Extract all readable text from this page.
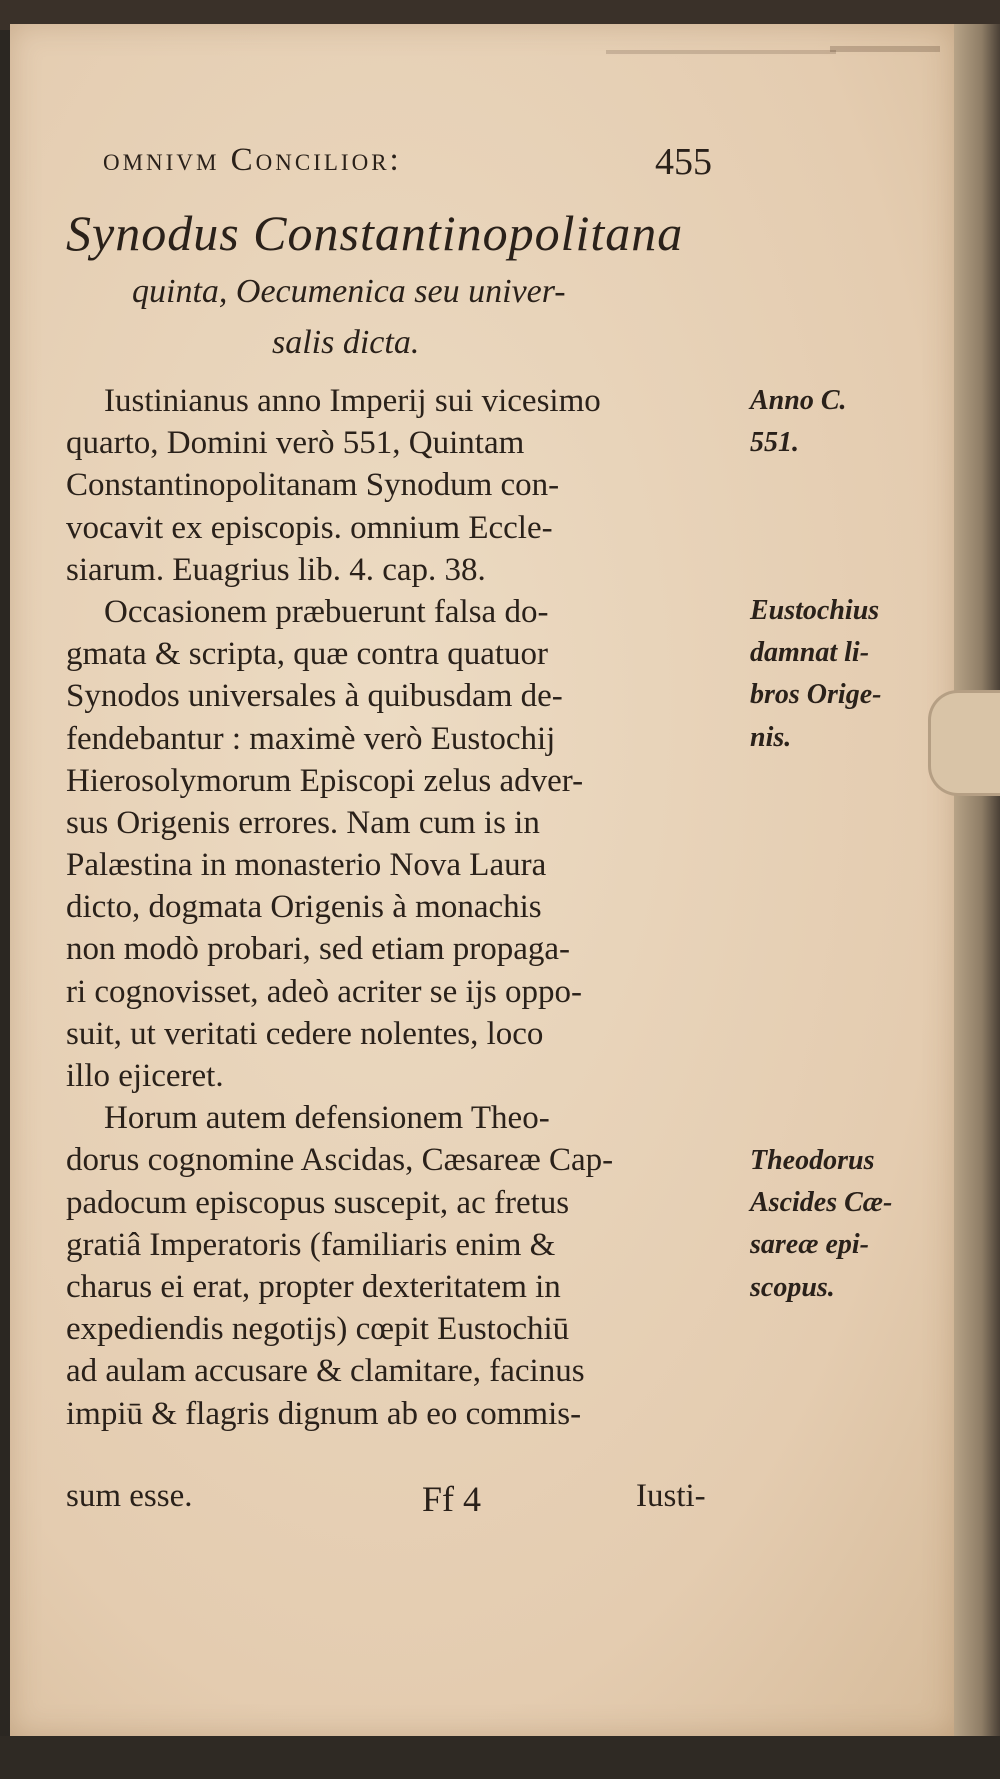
omnivm Concilior:	455
Synodus Constantinopolitana
quinta, Oecumenica seu univer-
salis dicta.
Iustinianus anno Imperij sui vicesimo
quarto, Domini verò 551, Quintam
Constantinopolitanam Synodum con-
vocavit ex episcopis. omnium Eccle-
siarum. Euagrius lib. 4. cap. 38.
Occasionem præbuerunt falsa do-
gmata & scripta, quæ contra quatuor
Synodos universales à quibusdam de-
fendebantur : maximè verò Eustochij
Hierosolymorum Episcopi zelus adver-
sus Origenis errores. Nam cum is in
Palæstina in monasterio Nova Laura
dicto, dogmata Origenis à monachis
non modò probari, sed etiam propaga-
ri cognovisset, adeò acriter se ijs oppo-
suit, ut veritati cedere nolentes, loco
illo ejiceret.
Horum autem defensionem Theo-
dorus cognomine Ascidas, Cæsareæ Cap-
padocum episcopus suscepit, ac fretus
gratiâ Imperatoris (familiaris enim &
charus ei erat, propter dexteritatem in
expediendis negotijs) cœpit Eustochiū
ad aulam accusare & clamitare, facinus
impiū & flagris dignum ab eo commis-
sum esse.	Ff 4	Iusti-
Anno C.
551.
Eustochius
damnat li-
bros Orige-
nis.
Theodorus
Ascides Cæ-
sareæ epi-
scopus.
